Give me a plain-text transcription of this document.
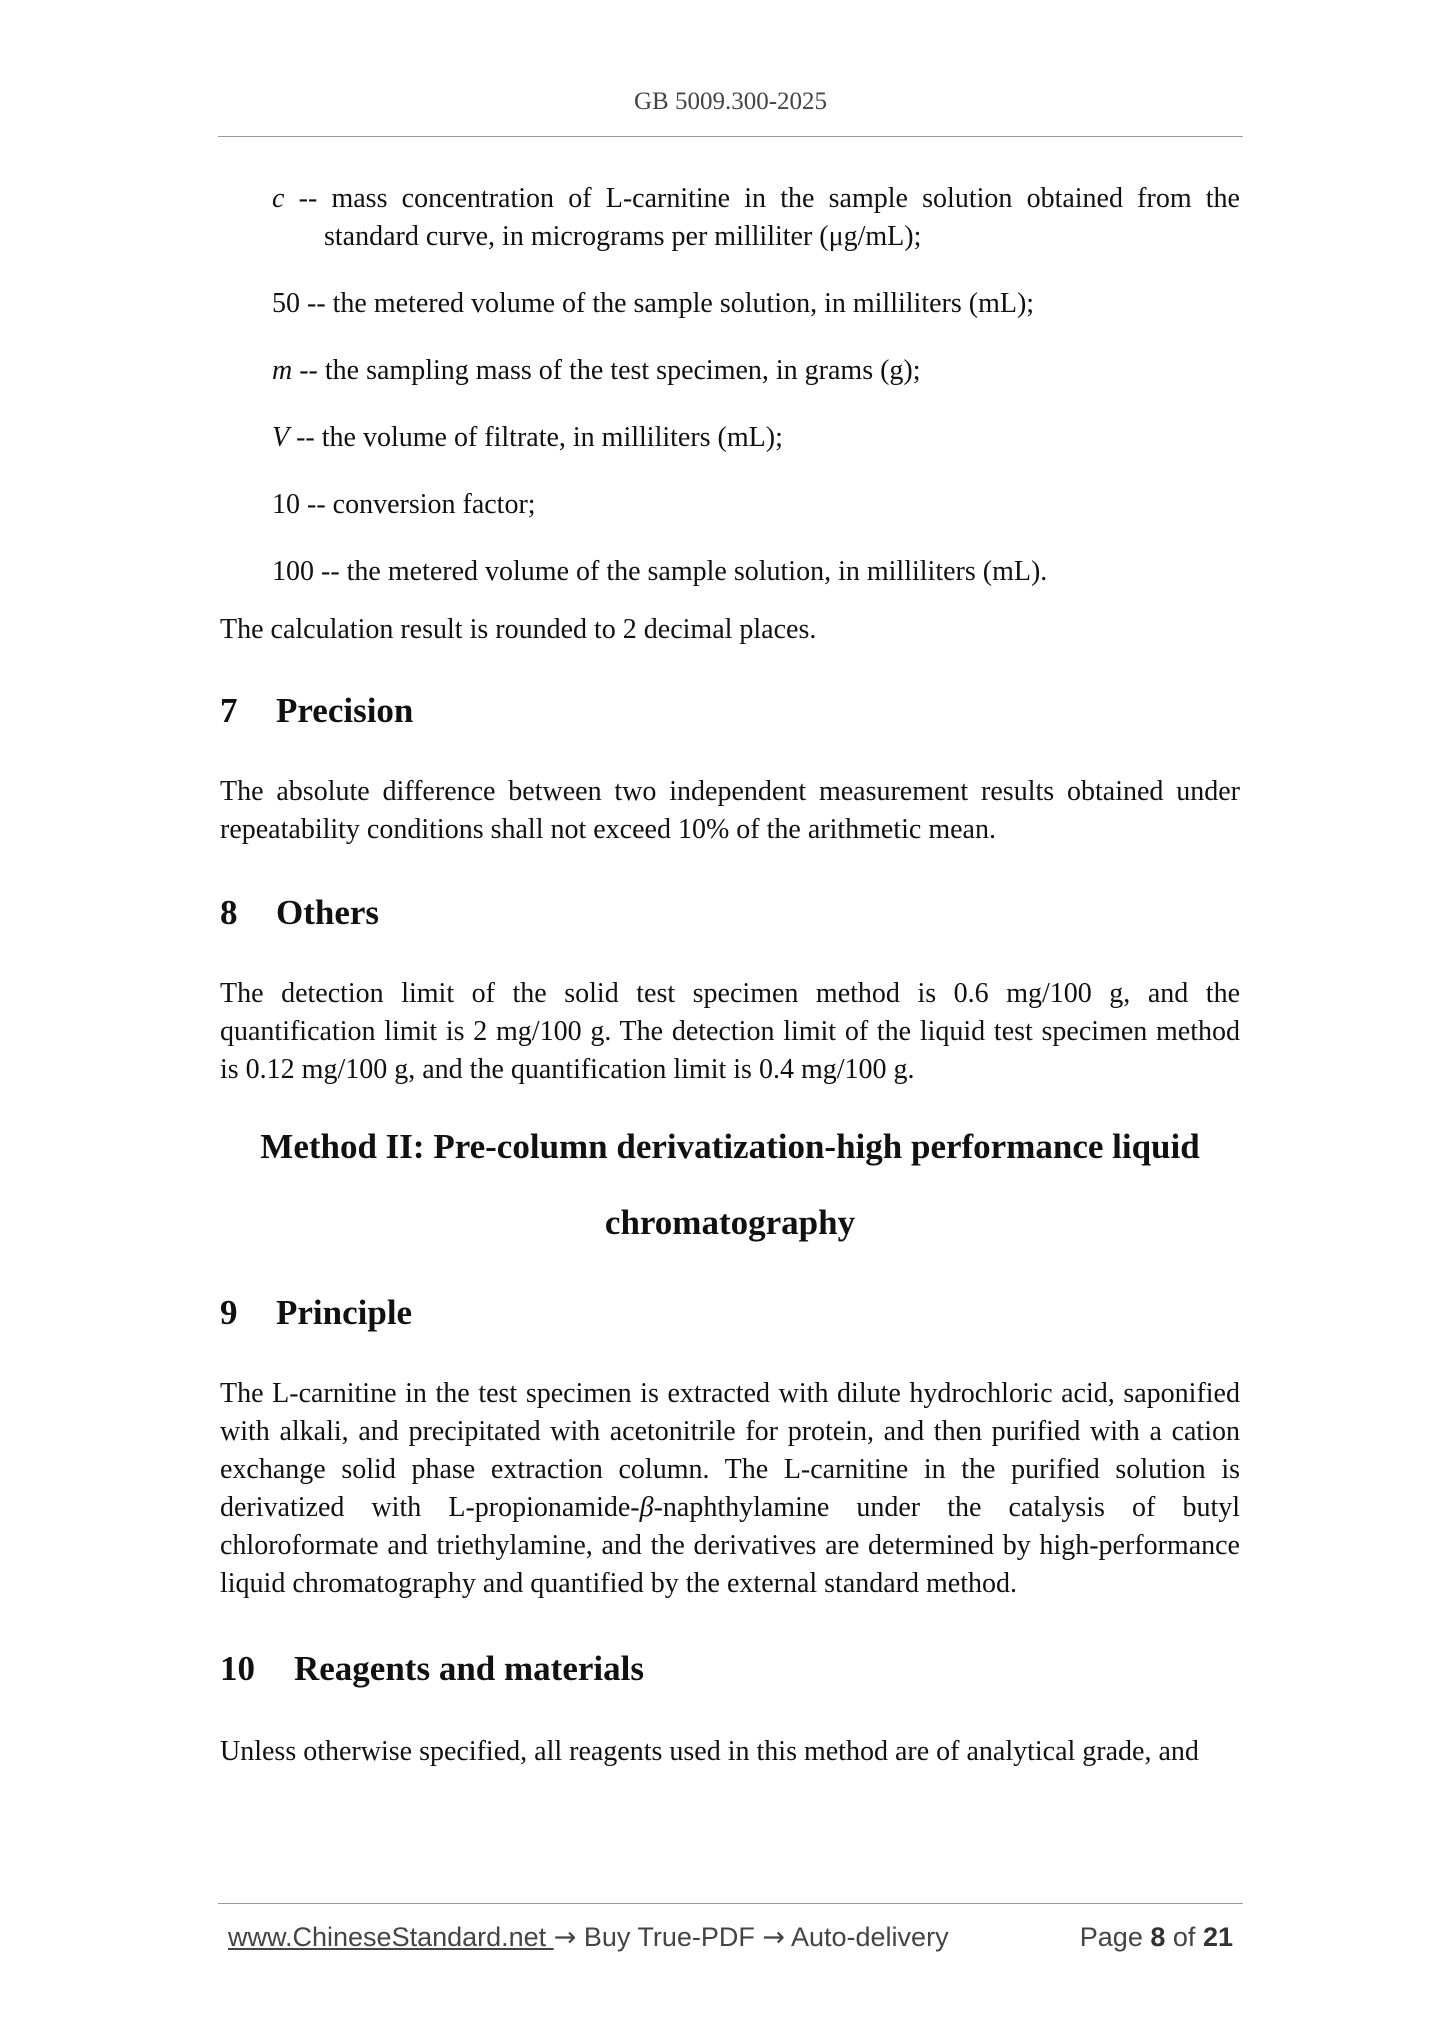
GB 5009.300-2025
c -- mass concentration of L-carnitine in the sample solution obtained from the standard curve, in micrograms per milliliter (μg/mL);
50 -- the metered volume of the sample solution, in milliliters (mL);
m -- the sampling mass of the test specimen, in grams (g);
V -- the volume of filtrate, in milliliters (mL);
10 -- conversion factor;
100 -- the metered volume of the sample solution, in milliliters (mL).

The calculation result is rounded to 2 decimal places.

7 Precision

The absolute difference between two independent measurement results obtained under repeatability conditions shall not exceed 10% of the arithmetic mean.

8 Others

The detection limit of the solid test specimen method is 0.6 mg/100 g, and the quantification limit is 2 mg/100 g. The detection limit of the liquid test specimen method is 0.12 mg/100 g, and the quantification limit is 0.4 mg/100 g.

Method II: Pre-column derivatization-high performance liquid
chromatography
9 Principle

The L-carnitine in the test specimen is extracted with dilute hydrochloric acid, saponified with alkali, and precipitated with acetonitrile for protein, and then purified with a cation exchange solid phase extraction column. The L-carnitine in the purified solution is derivatized with L-propionamide-β-naphthylamine under the catalysis of butyl chloroformate and triethylamine, and the derivatives are determined by high-performance liquid chromatography and quantified by the external standard method.

10 Reagents and materials

Unless otherwise specified, all reagents used in this method are of analytical grade, and

www.ChineseStandard.net → Buy True-PDF → Auto-delivery	Page 8 of 21
